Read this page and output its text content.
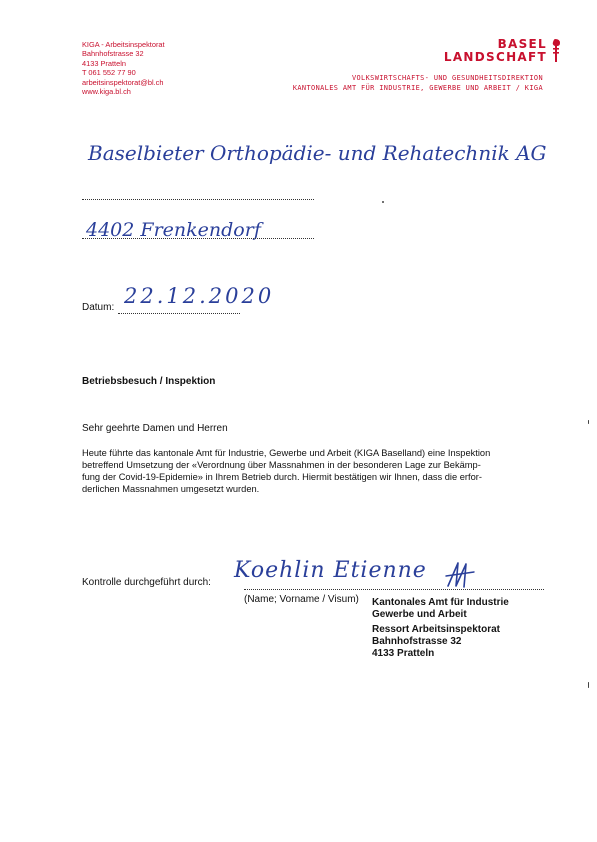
KIGA - Arbeitsinspektorat
Bahnhofstrasse 32
4133 Pratteln
T 061 552 77 90
arbeitsinspektorat@bl.ch
www.kiga.bl.ch
BASEL
LANDSCHAFT
VOLKSWIRTSCHAFTS- UND GESUNDHEITSDIREKTION
KANTONALES AMT FÜR INDUSTRIE, GEWERBE UND ARBEIT / KIGA
Baselbieter Orthopädie- und Rehatechnik AG
4402 Frenkendorf
Datum: 22.12.2020
Betriebsbesuch / Inspektion
Sehr geehrte Damen und Herren
Heute führte das kantonale Amt für Industrie, Gewerbe und Arbeit (KIGA Baselland) eine Inspektion
betreffend Umsetzung der «Verordnung über Massnahmen in der besonderen Lage zur Bekämp-
fung der Covid-19-Epidemie» in Ihrem Betrieb durch. Hiermit bestätigen wir Ihnen, dass die erfor-
derlichen Massnahmen umgesetzt wurden.
Kontrolle durchgeführt durch: Koehlin Etienne
(Name; Vorname / Visum) Kantonales Amt für Industrie
Gewerbe und Arbeit
Ressort Arbeitsinspektorat
Bahnhofstrasse 32
4133 Pratteln
